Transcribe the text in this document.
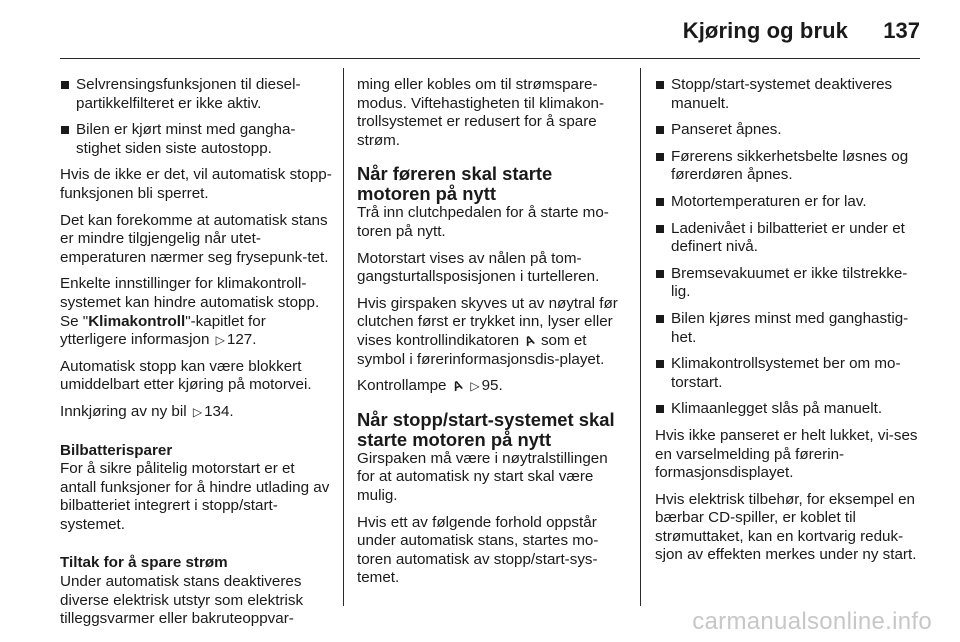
Kjøring og bruk 137
Selvrensingsfunksjonen til diesel-partikkelfilteret er ikke aktiv.
Bilen er kjørt minst med gangha-stighet siden siste autostopp.

Hvis de ikke er det, vil automatisk stopp-funksjonen bli sperret.

Det kan forekomme at automatisk stans er mindre tilgjengelig når utet-emperaturen nærmer seg frysepunk-tet.

Enkelte innstillinger for klimakontroll-systemet kan hindre automatisk stopp. Se "Klimakontroll"-kapitlet for ytterligere informasjon ▷ 127.

Automatisk stopp kan være blokkert umiddelbart etter kjøring på motorvei.

Innkjøring av ny bil ▷ 134.

Bilbatterisparer

For å sikre pålitelig motorstart er et antall funksjoner for å hindre utlading av bilbatteriet integrert i stopp/start-systemet.

Tiltak for å spare strøm

Under automatisk stans deaktiveres diverse elektrisk utstyr som elektrisk tilleggsvarmer eller bakruteoppvar-

ming eller kobles om til strømspare-modus. Viftehastigheten til klimakon-trollsystemet er redusert for å spare strøm.

Når føreren skal starte motoren på nytt

Trå inn clutchpedalen for å starte mo-toren på nytt.

Motorstart vises av nålen på tom-gangsturtallsposisjonen i turtelleren.

Hvis girspaken skyves ut av nøytral før clutchen først er trykket inn, lyser eller vises kontrollindikatoren A som et symbol i førerinformasjonsdis-playet.

Kontrollampe A ▷ 95.

Når stopp/start-systemet skal starte motoren på nytt

Girspaken må være i nøytralstillingen for at automatisk ny start skal være mulig.

Hvis ett av følgende forhold oppstår under automatisk stans, startes mo-toren automatisk av stopp/start-sys-temet.

Stopp/start-systemet deaktiveres manuelt.
Panseret åpnes.
Førerens sikkerhetsbelte løsnes og førerdøren åpnes.
Motortemperaturen er for lav.
Ladenivået i bilbatteriet er under et definert nivå.
Bremsevakuumet er ikke tilstrekke-lig.
Bilen kjøres minst med ganghastig-het.
Klimakontrollsystemet ber om mo-torstart.
Klimaanlegget slås på manuelt.

Hvis ikke panseret er helt lukket, vi-ses en varselmelding på førerin-formasjonsdisplayet.

Hvis elektrisk tilbehør, for eksempel en bærbar CD-spiller, er koblet til strømuttaket, kan en kortvarig reduk-sjon av effekten merkes under ny start.

carmanualsonline.info
